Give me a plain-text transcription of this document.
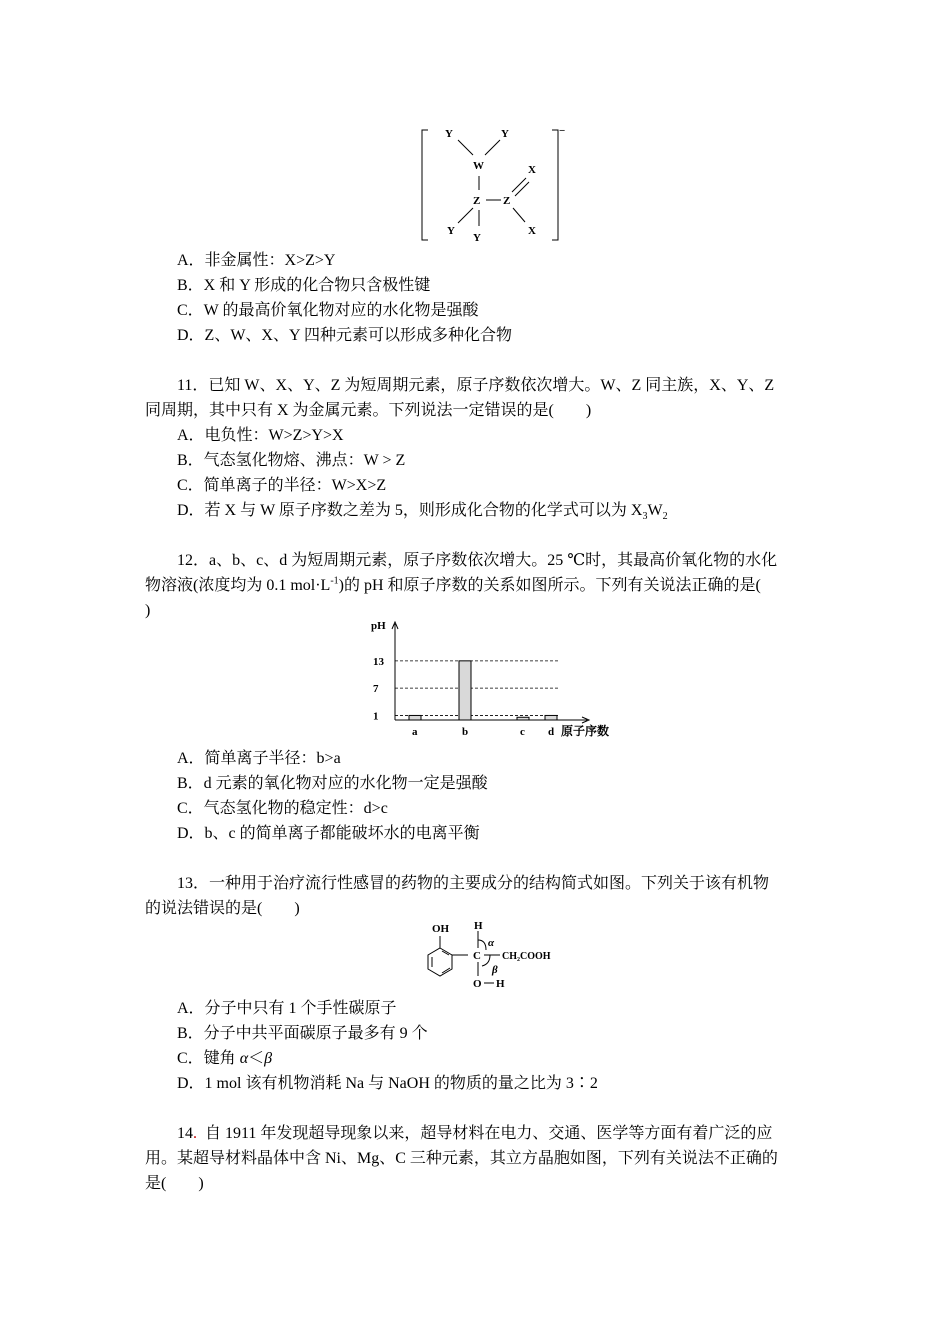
Y	Y
W	X
Z Z
Y
Y
X
−
A．非金属性：X>Z>Y
B．X 和 Y 形成的化合物只含极性键
C．W 的最高价氧化物对应的水化物是强酸
D．Z、W、X、Y 四种元素可以形成多种化合物
11．已知 W、X、Y、Z 为短周期元素，原子序数依次增大。W、Z 同主族，X、Y、Z
同周期，其中只有 X 为金属元素。下列说法一定错误的是(　　)
A．电负性：W>Z>Y>X
B．气态氢化物熔、沸点：W > Z
C．简单离子的半径：W>X>Z
D．若 X 与 W 原子序数之差为 5，则形成化合物的化学式可以为 $X_3W_2$
12．a、b、c、d 为短周期元素，原子序数依次增大。25 ℃时，其最高价氧化物的水化
物溶液(浓度均为 0.1 $mol\cdot L^{-1}$)的 pH 和原子序数的关系如图所示。下列有关说法正确的是(
)
13
7
1
a	b	c d
pH
原子序数
A．简单离子半径：b>a
B．d 元素的氧化物对应的水化物一定是强酸
C．气态氢化物的稳定性：d>c
D．b、c 的简单离子都能破坏水的电离平衡
13．一种用于治疗流行性感冒的药物的主要成分的结构简式如图。下列关于该有机物
的说法错误的是(　　)
OH H
α
C CH₂COOH
β
O H
A．分子中只有 1 个手性碳原子
B．分子中共平面碳原子最多有 9 个
C．键角 α＜β
D．1 mol 该有机物消耗 Na 与 NaOH 的物质的量之比为 3∶2
14.  自 1911 年发现超导现象以来，超导材料在电力、交通、医学等方面有着广泛的应
用。某超导材料晶体中含 Ni、Mg、C 三种元素，其立方晶胞如图，下列有关说法不正确的
是(　　)
